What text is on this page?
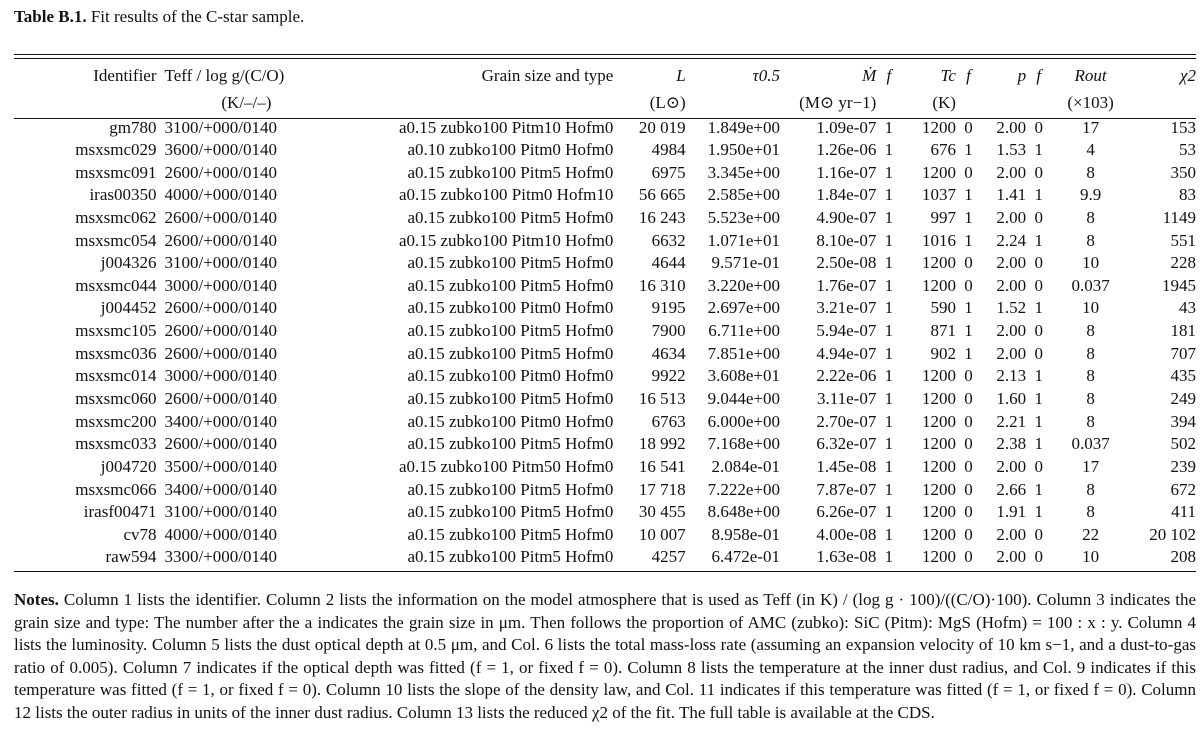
Table B.1. Fit results of the C-star sample.
Identifier	Teff / log g/(C/O)	Grain size and type	L	τ0.5	Ṁ	f	Tc	f	p	f	Rout	χ2
	(K/–/–)		(L⊙)		(M⊙ yr−1)		(K)				(×103)	
gm780	3100/+000/0140	a0.15 zubko100 Pitm10 Hofm0	20 019	1.849e+00	1.09e-07	1	1200	0	2.00	0	17	153
msxsmc029	3600/+000/0140	a0.10 zubko100 Pitm0 Hofm0	4984	1.950e+01	1.26e-06	1	676	1	1.53	1	4	53
msxsmc091	2600/+000/0140	a0.15 zubko100 Pitm5 Hofm0	6975	3.345e+00	1.16e-07	1	1200	0	2.00	0	8	350
iras00350	4000/+000/0140	a0.15 zubko100 Pitm0 Hofm10	56 665	2.585e+00	1.84e-07	1	1037	1	1.41	1	9.9	83
msxsmc062	2600/+000/0140	a0.15 zubko100 Pitm5 Hofm0	16 243	5.523e+00	4.90e-07	1	997	1	2.00	0	8	1149
msxsmc054	2600/+000/0140	a0.15 zubko100 Pitm10 Hofm0	6632	1.071e+01	8.10e-07	1	1016	1	2.24	1	8	551
j004326	3100/+000/0140	a0.15 zubko100 Pitm5 Hofm0	4644	9.571e-01	2.50e-08	1	1200	0	2.00	0	10	228
msxsmc044	3000/+000/0140	a0.15 zubko100 Pitm5 Hofm0	16 310	3.220e+00	1.76e-07	1	1200	0	2.00	0	0.037	1945
j004452	2600/+000/0140	a0.15 zubko100 Pitm0 Hofm0	9195	2.697e+00	3.21e-07	1	590	1	1.52	1	10	43
msxsmc105	2600/+000/0140	a0.15 zubko100 Pitm5 Hofm0	7900	6.711e+00	5.94e-07	1	871	1	2.00	0	8	181
msxsmc036	2600/+000/0140	a0.15 zubko100 Pitm5 Hofm0	4634	7.851e+00	4.94e-07	1	902	1	2.00	0	8	707
msxsmc014	3000/+000/0140	a0.15 zubko100 Pitm0 Hofm0	9922	3.608e+01	2.22e-06	1	1200	0	2.13	1	8	435
msxsmc060	2600/+000/0140	a0.15 zubko100 Pitm5 Hofm0	16 513	9.044e+00	3.11e-07	1	1200	0	1.60	1	8	249
msxsmc200	3400/+000/0140	a0.15 zubko100 Pitm0 Hofm0	6763	6.000e+00	2.70e-07	1	1200	0	2.21	1	8	394
msxsmc033	2600/+000/0140	a0.15 zubko100 Pitm5 Hofm0	18 992	7.168e+00	6.32e-07	1	1200	0	2.38	1	0.037	502
j004720	3500/+000/0140	a0.15 zubko100 Pitm50 Hofm0	16 541	2.084e-01	1.45e-08	1	1200	0	2.00	0	17	239
msxsmc066	3400/+000/0140	a0.15 zubko100 Pitm5 Hofm0	17 718	7.222e+00	7.87e-07	1	1200	0	2.66	1	8	672
irasf00471	3100/+000/0140	a0.15 zubko100 Pitm5 Hofm0	30 455	8.648e+00	6.26e-07	1	1200	0	1.91	1	8	411
cv78	4000/+000/0140	a0.15 zubko100 Pitm5 Hofm0	10 007	8.958e-01	4.00e-08	1	1200	0	2.00	0	22	20 102
raw594	3300/+000/0140	a0.15 zubko100 Pitm5 Hofm0	4257	6.472e-01	1.63e-08	1	1200	0	2.00	0	10	208
Notes. Column 1 lists the identifier. Column 2 lists the information on the model atmosphere that is used as Teff (in K) / (log g · 100)/((C/O)·100). Column 3 indicates the grain size and type: The number after the a indicates the grain size in μm. Then follows the proportion of AMC (zubko): SiC (Pitm): MgS (Hofm) = 100 : x : y. Column 4 lists the luminosity. Column 5 lists the dust optical depth at 0.5 μm, and Col. 6 lists the total mass-loss rate (assuming an expansion velocity of 10 km s−1, and a dust-to-gas ratio of 0.005). Column 7 indicates if the optical depth was fitted (f = 1, or fixed f = 0). Column 8 lists the temperature at the inner dust radius, and Col. 9 indicates if this temperature was fitted (f = 1, or fixed f = 0). Column 10 lists the slope of the density law, and Col. 11 indicates if this temperature was fitted (f = 1, or fixed f = 0). Column 12 lists the outer radius in units of the inner dust radius. Column 13 lists the reduced χ2 of the fit. The full table is available at the CDS.
